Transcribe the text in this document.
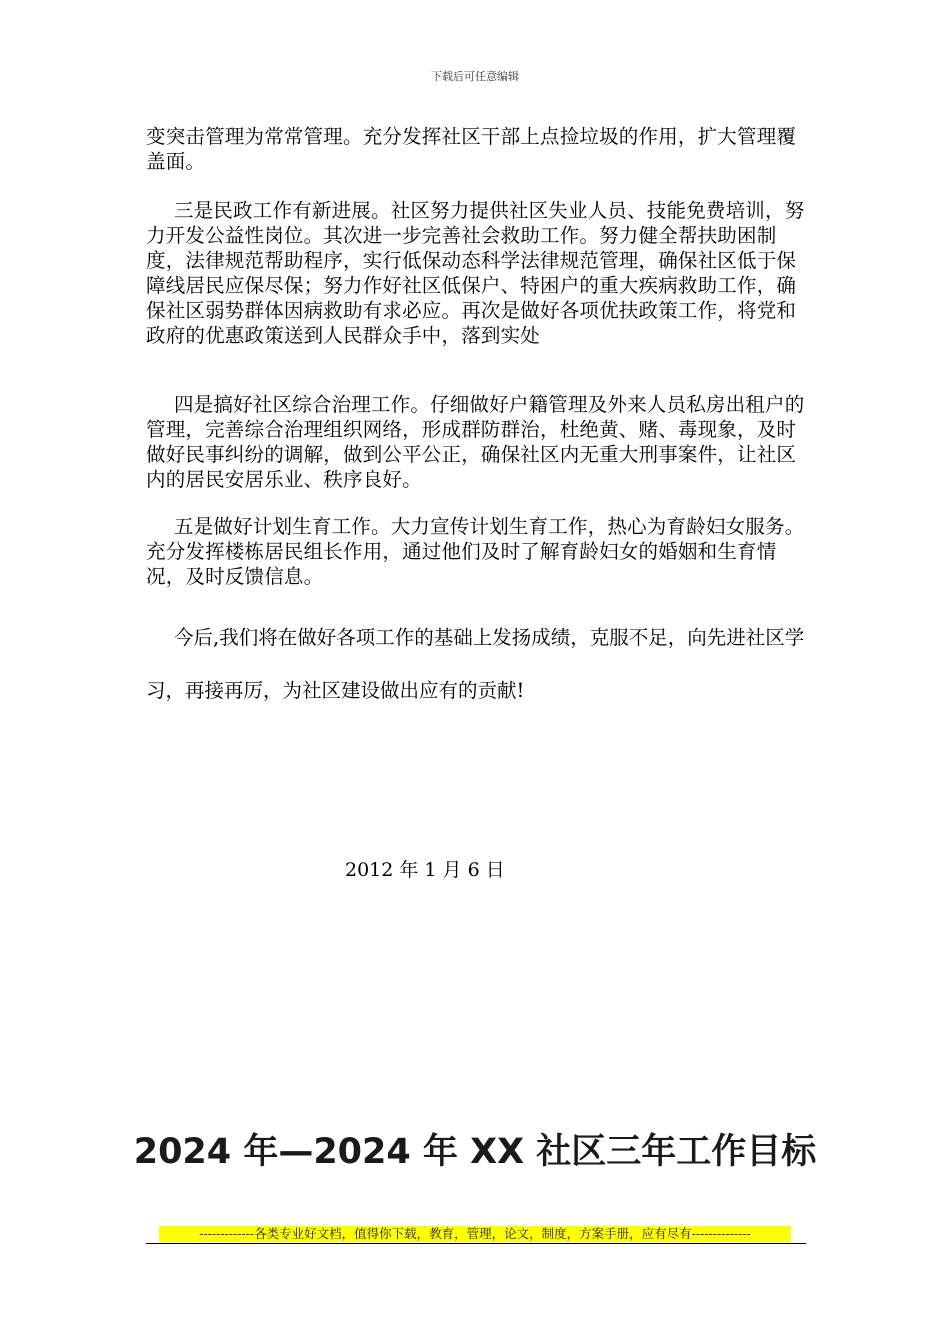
下载后可任意编辑

变突击管理为常常管理。充分发挥社区干部上点捡垃圾的作用，扩大管理覆盖面。

三是民政工作有新进展。社区努力提供社区失业人员、技能免费培训，努力开发公益性岗位。其次进一步完善社会救助工作。努力健全帮扶助困制度，法律规范帮助程序，实行低保动态科学法律规范管理，确保社区低于保障线居民应保尽保；努力作好社区低保户、特困户的重大疾病救助工作，确保社区弱势群体因病救助有求必应。再次是做好各项优扶政策工作，将党和政府的优惠政策送到人民群众手中，落到实处

四是搞好社区综合治理工作。仔细做好户籍管理及外来人员私房出租户的管理，完善综合治理组织网络，形成群防群治，杜绝黄、赌、毒现象，及时做好民事纠纷的调解，做到公平公正，确保社区内无重大刑事案件，让社区内的居民安居乐业、秩序良好。

五是做好计划生育工作。大力宣传计划生育工作，热心为育龄妇女服务。充分发挥楼栋居民组长作用，通过他们及时了解育龄妇女的婚姻和生育情况，及时反馈信息。

今后,我们将在做好各项工作的基础上发扬成绩，克服不足，向先进社区学习，再接再厉，为社区建设做出应有的贡献!

2012 年 1 月 6 日
2024 年—2024 年 XX 社区三年工作目标
-------------各类专业好文档，值得你下载，教育，管理，论文，制度，方案手册，应有尽有--------------
